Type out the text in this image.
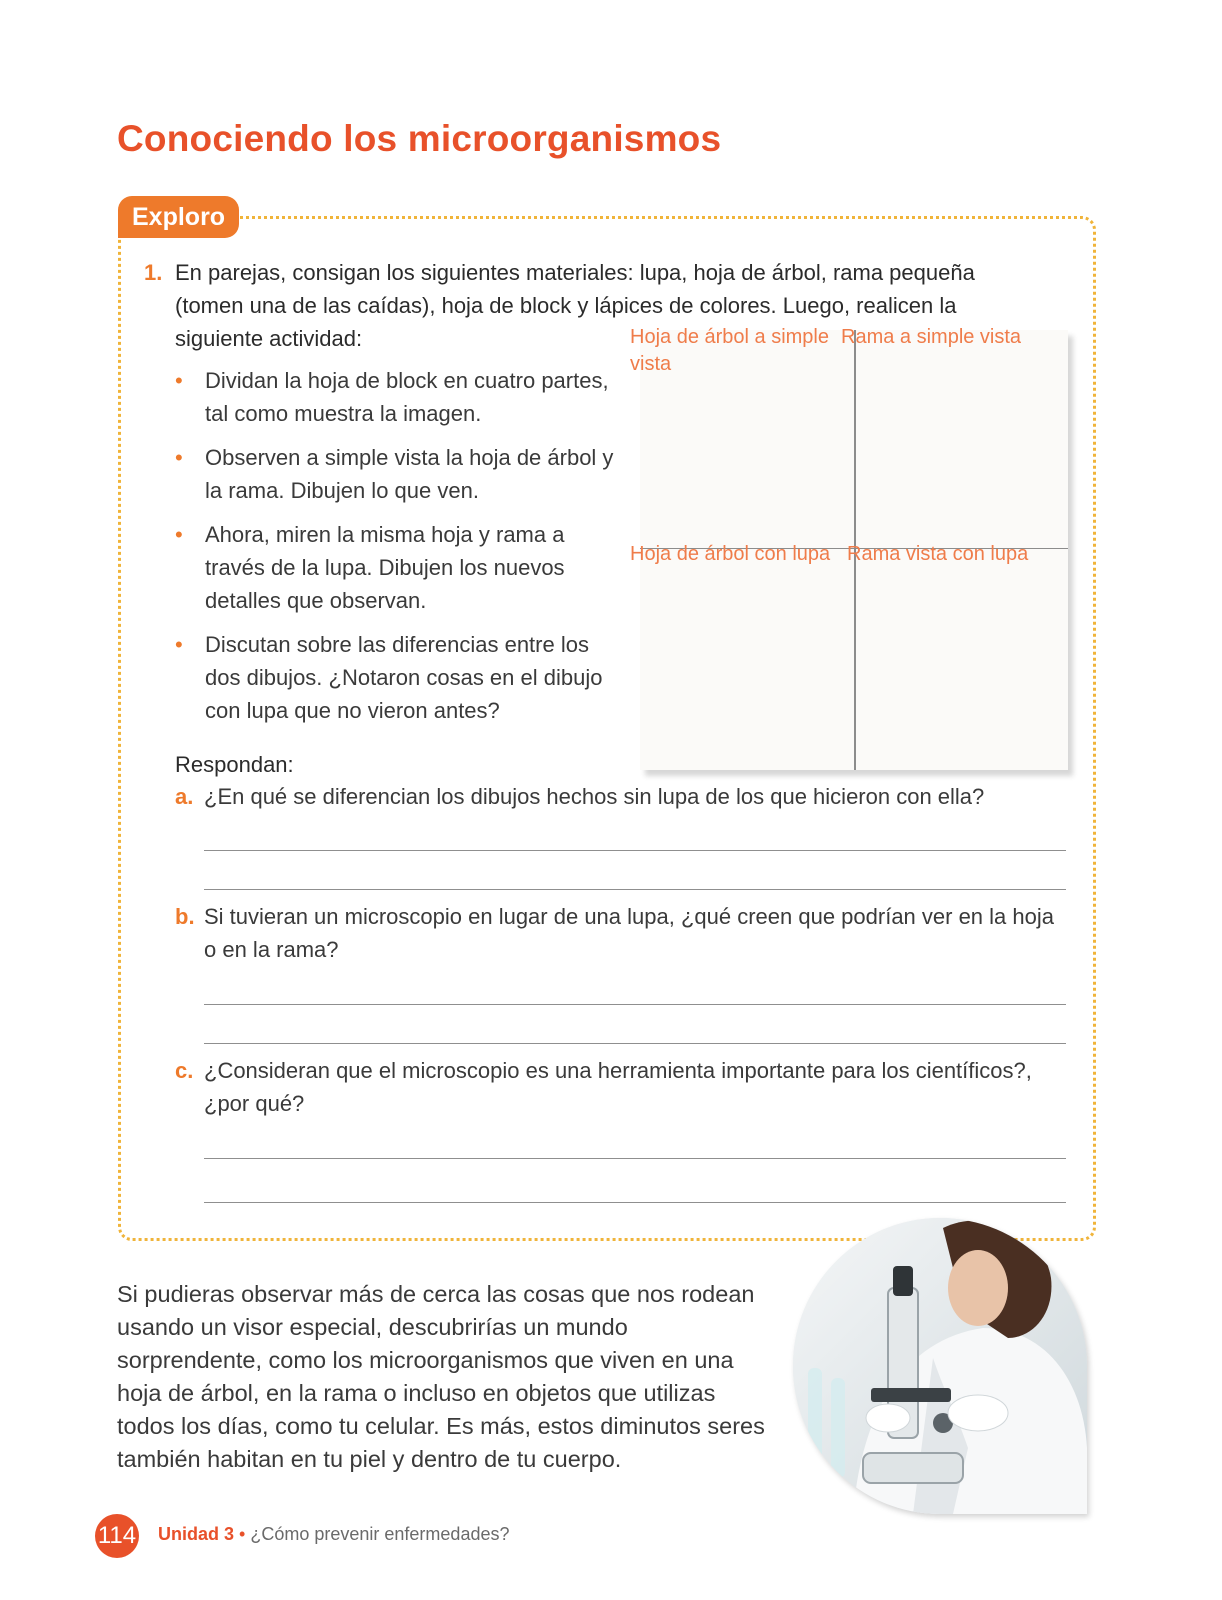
Conociendo los microorganismos
Exploro
1. En parejas, consigan los siguientes materiales: lupa, hoja de árbol, rama pequeña (tomen una de las caídas), hoja de block y lápices de colores. Luego, realicen la siguiente actividad:
• Dividan la hoja de block en cuatro partes, tal como muestra la imagen.
• Observen a simple vista la hoja de árbol y la rama. Dibujen lo que ven.
• Ahora, miren la misma hoja y rama a través de la lupa. Dibujen los nuevos detalles que observan.
• Discutan sobre las diferencias entre los dos dibujos. ¿Notaron cosas en el dibujo con lupa que no vieron antes?
Hoja de árbol a simple vista
Rama a simple vista
Hoja de árbol con lupa Rama vista con lupa
Respondan:
a. ¿En qué se diferencian los dibujos hechos sin lupa de los que hicieron con ella?
b. Si tuvieran un microscopio en lugar de una lupa, ¿qué creen que podrían ver en la hoja o en la rama?
c. ¿Consideran que el microscopio es una herramienta importante para los científicos?, ¿por qué?
Si pudieras observar más de cerca las cosas que nos rodean usando un visor especial, descubrirías un mundo sorprendente, como los microorganismos que viven en una hoja de árbol, en la rama o incluso en objetos que utilizas todos los días, como tu celular. Es más, estos diminutos seres también habitan en tu piel y dentro de tu cuerpo.
114 Unidad 3 • ¿Cómo prevenir enfermedades?
